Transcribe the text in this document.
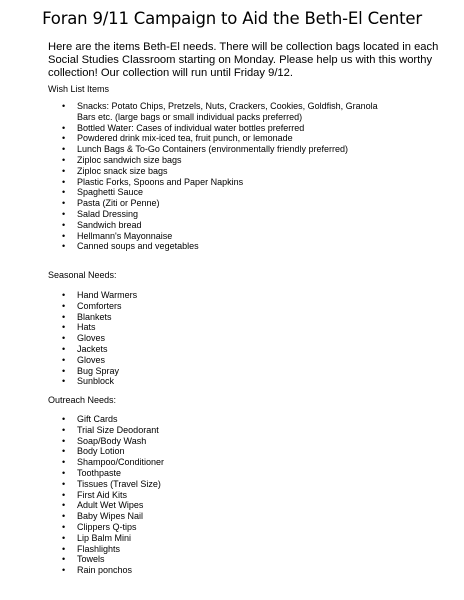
Foran 9/11 Campaign to Aid the Beth-El Center
Here are the items Beth-El needs. There will be collection bags located in each Social Studies Classroom starting on Monday. Please help us with this worthy collection! Our collection will run until Friday 9/12.
Wish List Items
• Snacks: Potato Chips, Pretzels, Nuts, Crackers, Cookies, Goldfish, Granola Bars etc. (large bags or small individual packs preferred)
• Bottled Water: Cases of individual water bottles preferred
• Powdered drink mix-iced tea, fruit punch, or lemonade
• Lunch Bags & To-Go Containers (environmentally friendly preferred)
• Ziploc sandwich size bags
• Ziploc snack size bags
• Plastic Forks, Spoons and Paper Napkins
• Spaghetti Sauce
• Pasta (Ziti or Penne)
• Salad Dressing
• Sandwich bread
• Hellmann's Mayonnaise
• Canned soups and vegetables
Seasonal Needs:
• Hand Warmers
• Comforters
• Blankets
• Hats
• Gloves
• Jackets
• Gloves
• Bug Spray
• Sunblock
Outreach Needs:
• Gift Cards
• Trial Size Deodorant
• Soap/Body Wash
• Body Lotion
• Shampoo/Conditioner
• Toothpaste
• Tissues (Travel Size)
• First Aid Kits
• Adult Wet Wipes
• Baby Wipes Nail
• Clippers Q-tips
• Lip Balm Mini
• Flashlights
• Towels
• Rain ponchos
